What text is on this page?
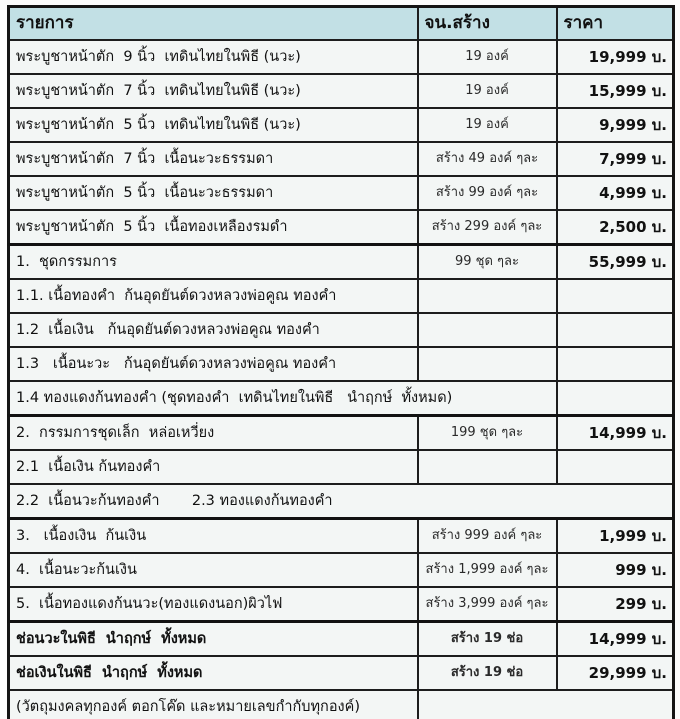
รายการ	จน.สร้าง	ราคา
พระบูชาหน้าตัก  9 นิ้ว  เทดินไทยในพิธี (นวะ)	19 องค์	19,999 บ.
พระบูชาหน้าตัก  7 นิ้ว  เทดินไทยในพิธี (นวะ)	19 องค์	15,999 บ.
พระบูชาหน้าตัก  5 นิ้ว  เทดินไทยในพิธี (นวะ)	19 องค์	9,999 บ.
พระบูชาหน้าตัก  7 นิ้ว  เนื้อนะวะธรรมดา	สร้าง 49 องค์ ๆละ	7,999 บ.
พระบูชาหน้าตัก  5 นิ้ว  เนื้อนะวะธรรมดา	สร้าง 99 องค์ ๆละ	4,999 บ.
พระบูชาหน้าตัก  5 นิ้ว  เนื้อทองเหลืองรมดำ	สร้าง 299 องค์ ๆละ	2,500 บ.
1.  ชุดกรรมการ	99 ชุด ๆละ	55,999 บ.
1.1. เนื้อทองคำ  ก้นอุดยันต์ดวงหลวงพ่อคูณ ทองคำ		
1.2  เนื้อเงิน   ก้นอุดยันต์ดวงหลวงพ่อคูณ ทองคำ		
1.3   เนื้อนะวะ   ก้นอุดยันต์ดวงหลวงพ่อคูณ ทองคำ		
1.4 ทองแดงก้นทองคำ (ชุดทองคำ  เทดินไทยในพิธี   นำฤกษ์  ทั้งหมด)		
2.  กรรมการชุดเล็ก  หล่อเหวี่ยง	199 ชุด ๆละ	14,999 บ.
2.1  เนื้อเงิน ก้นทองคำ		
2.2  เนื้อนวะก้นทองคำ       2.3 ทองแดงก้นทองคำ		
3.   เนื้องเงิน  ก้นเงิน	สร้าง 999 องค์ ๆละ	1,999 บ.
4.  เนื้อนะวะก้นเงิน	สร้าง 1,999 องค์ ๆละ	999 บ.
5.  เนื้อทองแดงก้นนวะ(ทองแดงนอก)ผิวไฟ	สร้าง 3,999 องค์ ๆละ	299 บ.
ช่อนวะในพิธี  นำฤกษ์  ทั้งหมด	สร้าง 19 ช่อ	14,999 บ.
ช่อเงินในพิธี  นำฤกษ์  ทั้งหมด	สร้าง 19 ช่อ	29,999 บ.
(วัตถุมงคลทุกองค์ ตอกโค๊ด และหมายเลขกำกับทุกองค์)		
